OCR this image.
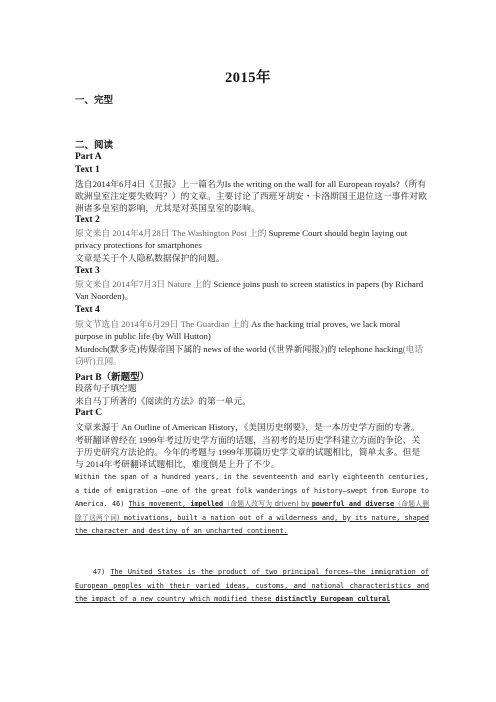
2015年
一、完型
二、阅读
Part A
Text 1
选自2014年6月4日《卫报》上一篇名为Is the writing on the wall for all European royals?（所有欧洲皇室注定要失败吗？）的文章。主要讨论了西班牙胡安・卡洛斯国王退位这一事件对欧洲诸多皇室的影响，尤其是对英国皇室的影响。
Text 2
原文来自 2014年4月28日 The Washington Post 上的 Supreme Court should begin laying out privacy protections for smartphones
文章是关于个人隐私数据保护的问题。
Text 3
原文来自 2014年7月3日 Nature 上的 Science joins push to screen statistics in papers (by Richard Van Noorden)。
Text 4
原文节选自 2014年6月29日 The Guardian 上的 As the hacking trial proves, we lack moral purpose in public life (by Will Hutton)
Murdoch(默多克)传媒帝国下属的 news of the world (《世界新闻报》)的 telephone hacking(电话窃听)丑闻。
Part B（新题型）
段落句子填空题
来自马丁所著的《阅读的方法》的第一单元。
Part C
文章来源于 An Outline of American History，《美国历史纲要》，是一本历史学方面的专著。
考研翻译曾经在 1999年考过历史学方面的话题，当初考的是历史学科建立方面的争论、关于历史研究方法论的。今年的考题与 1999年那篇历史学文章的试题相比，简单太多。但是与 2014年考研翻译试题相比，难度倒是上升了不少。
Within the span of a hundred years, in the seventeenth and early eighteenth centuries, a tide of emigration —one of the great folk wanderings of history—swept from Europe to America. 46) This movement, impelled（命题人改写为 driven) by powerful and diverse（命题人删除了这两个词) motivations, built a nation out of a wilderness and, by its nature, shaped the character and destiny of an uncharted continent.
47) The United States is the product of two principal forces—the immigration of European peoples with their varied ideas, customs, and national characteristics and the impact of a new country which modified these distinctly European cultural
